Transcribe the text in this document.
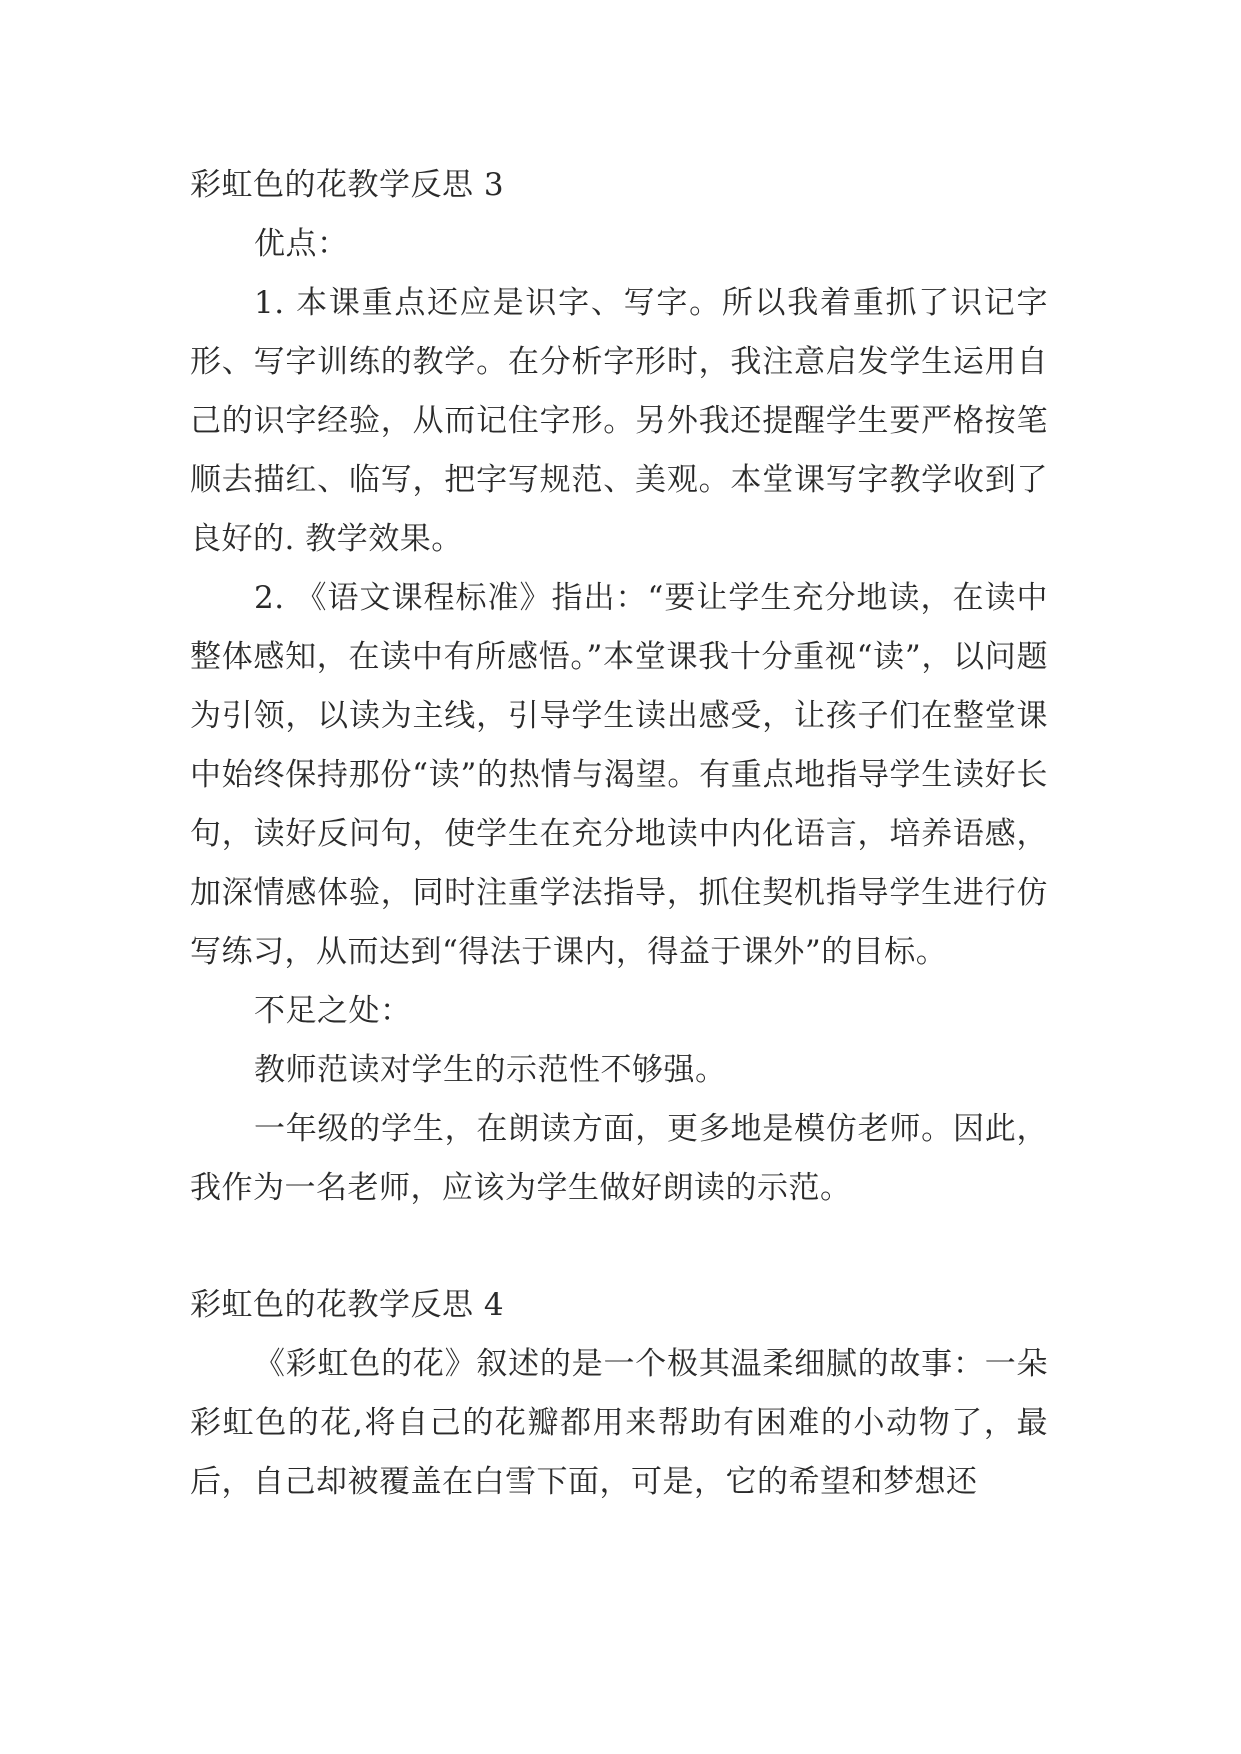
彩虹色的花教学反思 3

优点：

1. 本课重点还应是识字、写字。所以我着重抓了识记字形、写字训练的教学。在分析字形时，我注意启发学生运用自己的识字经验，从而记住字形。另外我还提醒学生要严格按笔顺去描红、临写，把字写规范、美观。本堂课写字教学收到了良好的. 教学效果。

2. 《语文课程标准》指出：“要让学生充分地读，在读中整体感知，在读中有所感悟。”本堂课我十分重视“读”，以问题为引领，以读为主线，引导学生读出感受，让孩子们在整堂课中始终保持那份“读”的热情与渴望。有重点地指导学生读好长句，读好反问句，使学生在充分地读中内化语言，培养语感，加深情感体验，同时注重学法指导，抓住契机指导学生进行仿写练习，从而达到“得法于课内，得益于课外”的目标。

不足之处：

教师范读对学生的示范性不够强。

一年级的学生，在朗读方面，更多地是模仿老师。因此，我作为一名老师，应该为学生做好朗读的示范。

彩虹色的花教学反思 4

《彩虹色的花》叙述的是一个极其温柔细腻的故事：一朵彩虹色的花,将自己的花瓣都用来帮助有困难的小动物了，最后，自己却被覆盖在白雪下面，可是，它的希望和梦想还
